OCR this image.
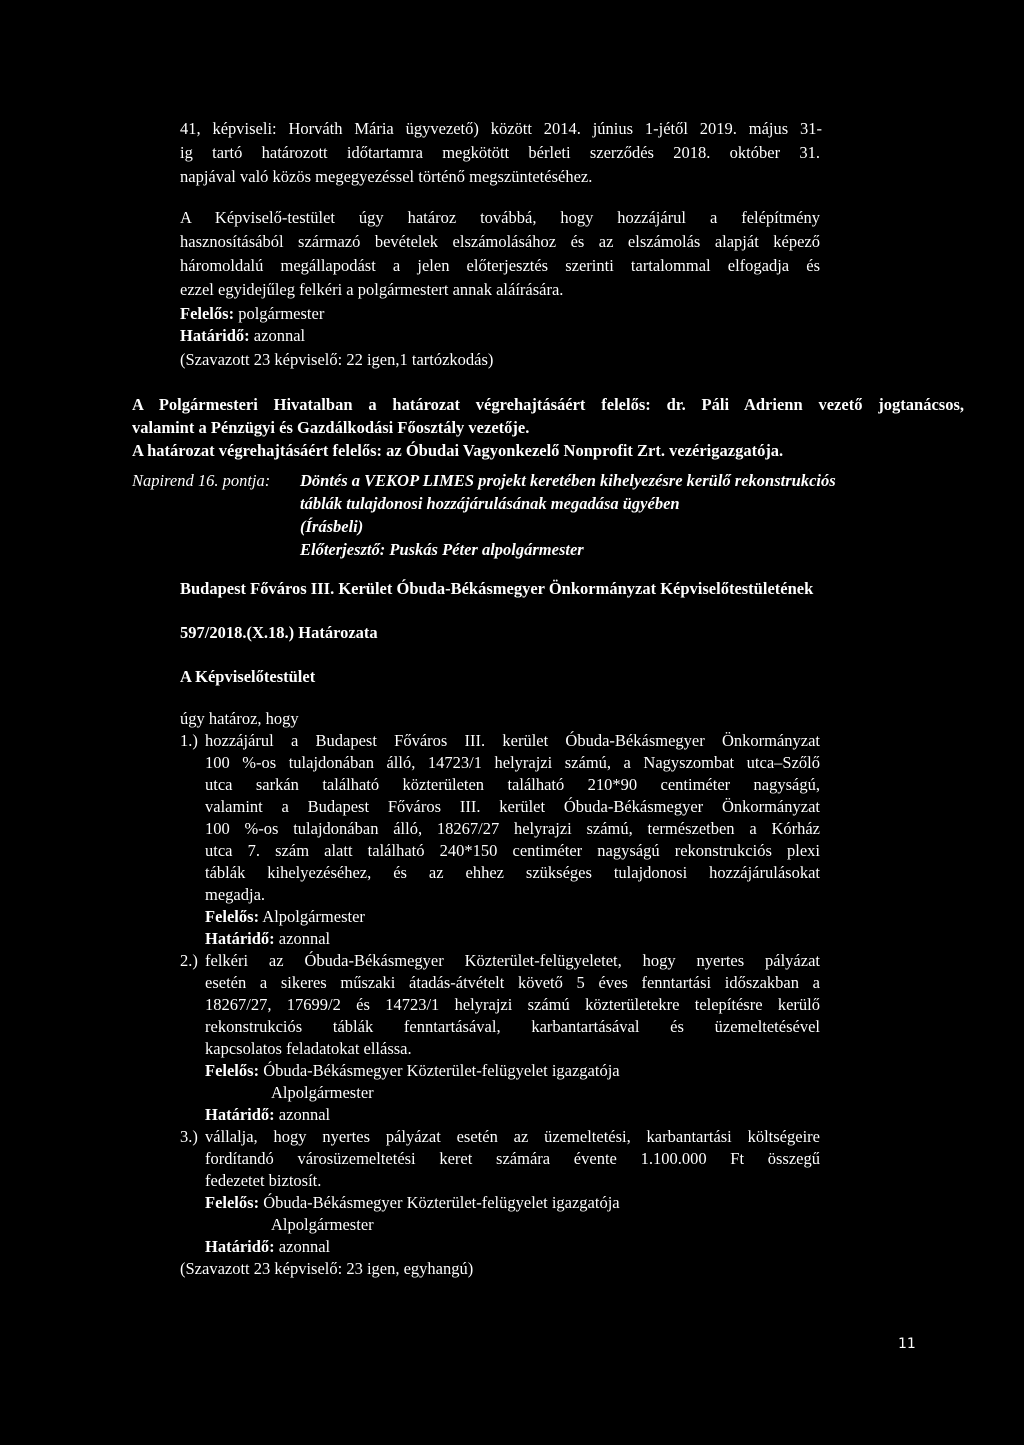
41, képviseli: Horváth Mária ügyvezető) között 2014. június 1-jétől 2019. május 31-
ig tartó határozott időtartamra megkötött bérleti szerződés 2018. október 31.
napjával való közös megegyezéssel történő megszüntetéséhez.
A Képviselő-testület úgy határoz továbbá, hogy hozzájárul a felépítmény
hasznosításából származó bevételek elszámolásához és az elszámolás alapját képező
háromoldalú megállapodást a jelen előterjesztés szerinti tartalommal elfogadja és
ezzel egyidejűleg felkéri a polgármestert annak aláírására.
Felelős: polgármester
Határidő: azonnal
(Szavazott 23 képviselő: 22 igen,1 tartózkodás)
A Polgármesteri Hivatalban a határozat végrehajtásáért felelős: dr. Páli Adrienn vezető jogtanácsos,
valamint a Pénzügyi és Gazdálkodási Főosztály vezetője.
A határozat végrehajtásáért felelős: az Óbudai Vagyonkezelő Nonprofit Zrt. vezérigazgatója.
Napirend 16. pontja: Döntés a VEKOP LIMES projekt keretében kihelyezésre kerülő rekonstrukciós
táblák tulajdonosi hozzájárulásának megadása ügyében
(Írásbeli)
Előterjesztő: Puskás Péter alpolgármester
Budapest Főváros III. Kerület Óbuda-Békásmegyer Önkormányzat Képviselőtestületének
597/2018.(X.18.) Határozata
A Képviselőtestület
úgy határoz, hogy
1.) hozzájárul a Budapest Főváros III. kerület Óbuda-Békásmegyer Önkormányzat
100 %-os tulajdonában álló, 14723/1 helyrajzi számú, a Nagyszombat utca–Szőlő
utca sarkán található közterületen található 210*90 centiméter nagyságú,
valamint a Budapest Főváros III. kerület Óbuda-Békásmegyer Önkormányzat
100 %-os tulajdonában álló, 18267/27 helyrajzi számú, természetben a Kórház
utca 7. szám alatt található 240*150 centiméter nagyságú rekonstrukciós plexi
táblák kihelyezéséhez, és az ehhez szükséges tulajdonosi hozzájárulásokat
megadja.
Felelős: Alpolgármester
Határidő: azonnal
2.) felkéri az Óbuda-Békásmegyer Közterület-felügyeletet, hogy nyertes pályázat
esetén a sikeres műszaki átadás-átvételt követő 5 éves fenntartási időszakban a
18267/27, 17699/2 és 14723/1 helyrajzi számú közterületekre telepítésre kerülő
rekonstrukciós táblák fenntartásával, karbantartásával és üzemeltetésével
kapcsolatos feladatokat ellássa.
Felelős: Óbuda-Békásmegyer Közterület-felügyelet igazgatója
Alpolgármester
Határidő: azonnal
3.) vállalja, hogy nyertes pályázat esetén az üzemeltetési, karbantartási költségeire
fordítandó városüzemeltetési keret számára évente 1.100.000 Ft összegű
fedezetet biztosít.
Felelős: Óbuda-Békásmegyer Közterület-felügyelet igazgatója
Alpolgármester
Határidő: azonnal
(Szavazott 23 képviselő: 23 igen, egyhangú)
11
